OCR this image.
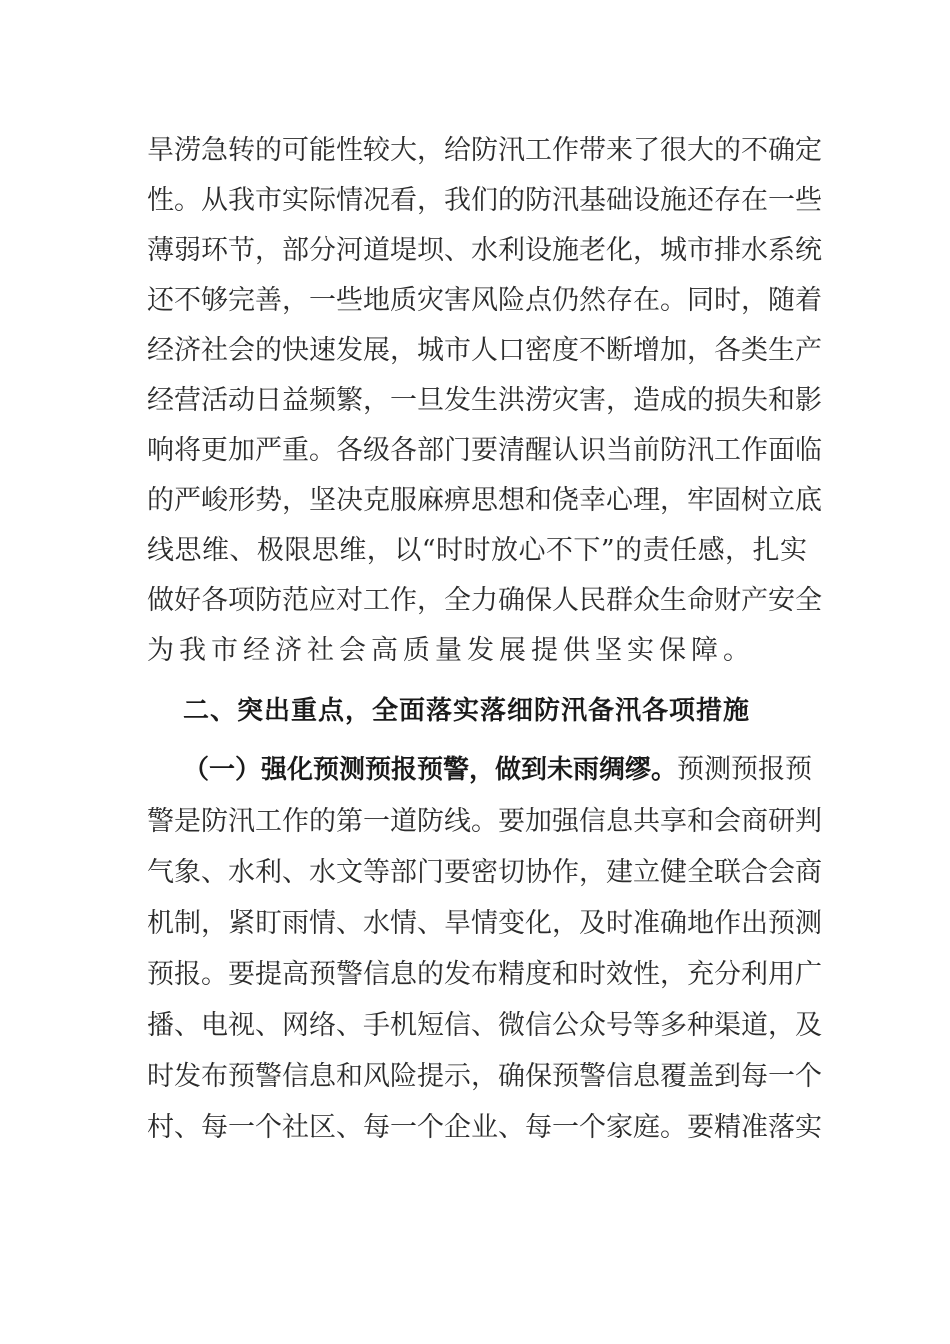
旱涝急转的可能性较大，给防汛工作带来了很大的不确定
性。从我市实际情况看，我们的防汛基础设施还存在一些
薄弱环节，部分河道堤坝、水利设施老化，城市排水系统
还不够完善，一些地质灾害风险点仍然存在。同时，随着
经济社会的快速发展，城市人口密度不断增加，各类生产
经营活动日益频繁，一旦发生洪涝灾害，造成的损失和影
响将更加严重。各级各部门要清醒认识当前防汛工作面临
的严峻形势，坚决克服麻痹思想和侥幸心理，牢固树立底
线思维、极限思维，以“时时放心不下”的责任感，扎实
做好各项防范应对工作，全力确保人民群众生命财产安全
为我市经济社会高质量发展提供坚实保障。
二、突出重点，全面落实落细防汛备汛各项措施
（一）强化预测预报预警，做到未雨绸缪。预测预报预
警是防汛工作的第一道防线。要加强信息共享和会商研判
气象、水利、水文等部门要密切协作，建立健全联合会商
机制，紧盯雨情、水情、旱情变化，及时准确地作出预测
预报。要提高预警信息的发布精度和时效性，充分利用广
播、电视、网络、手机短信、微信公众号等多种渠道，及
时发布预警信息和风险提示，确保预警信息覆盖到每一个
村、每一个社区、每一个企业、每一个家庭。要精准落实
